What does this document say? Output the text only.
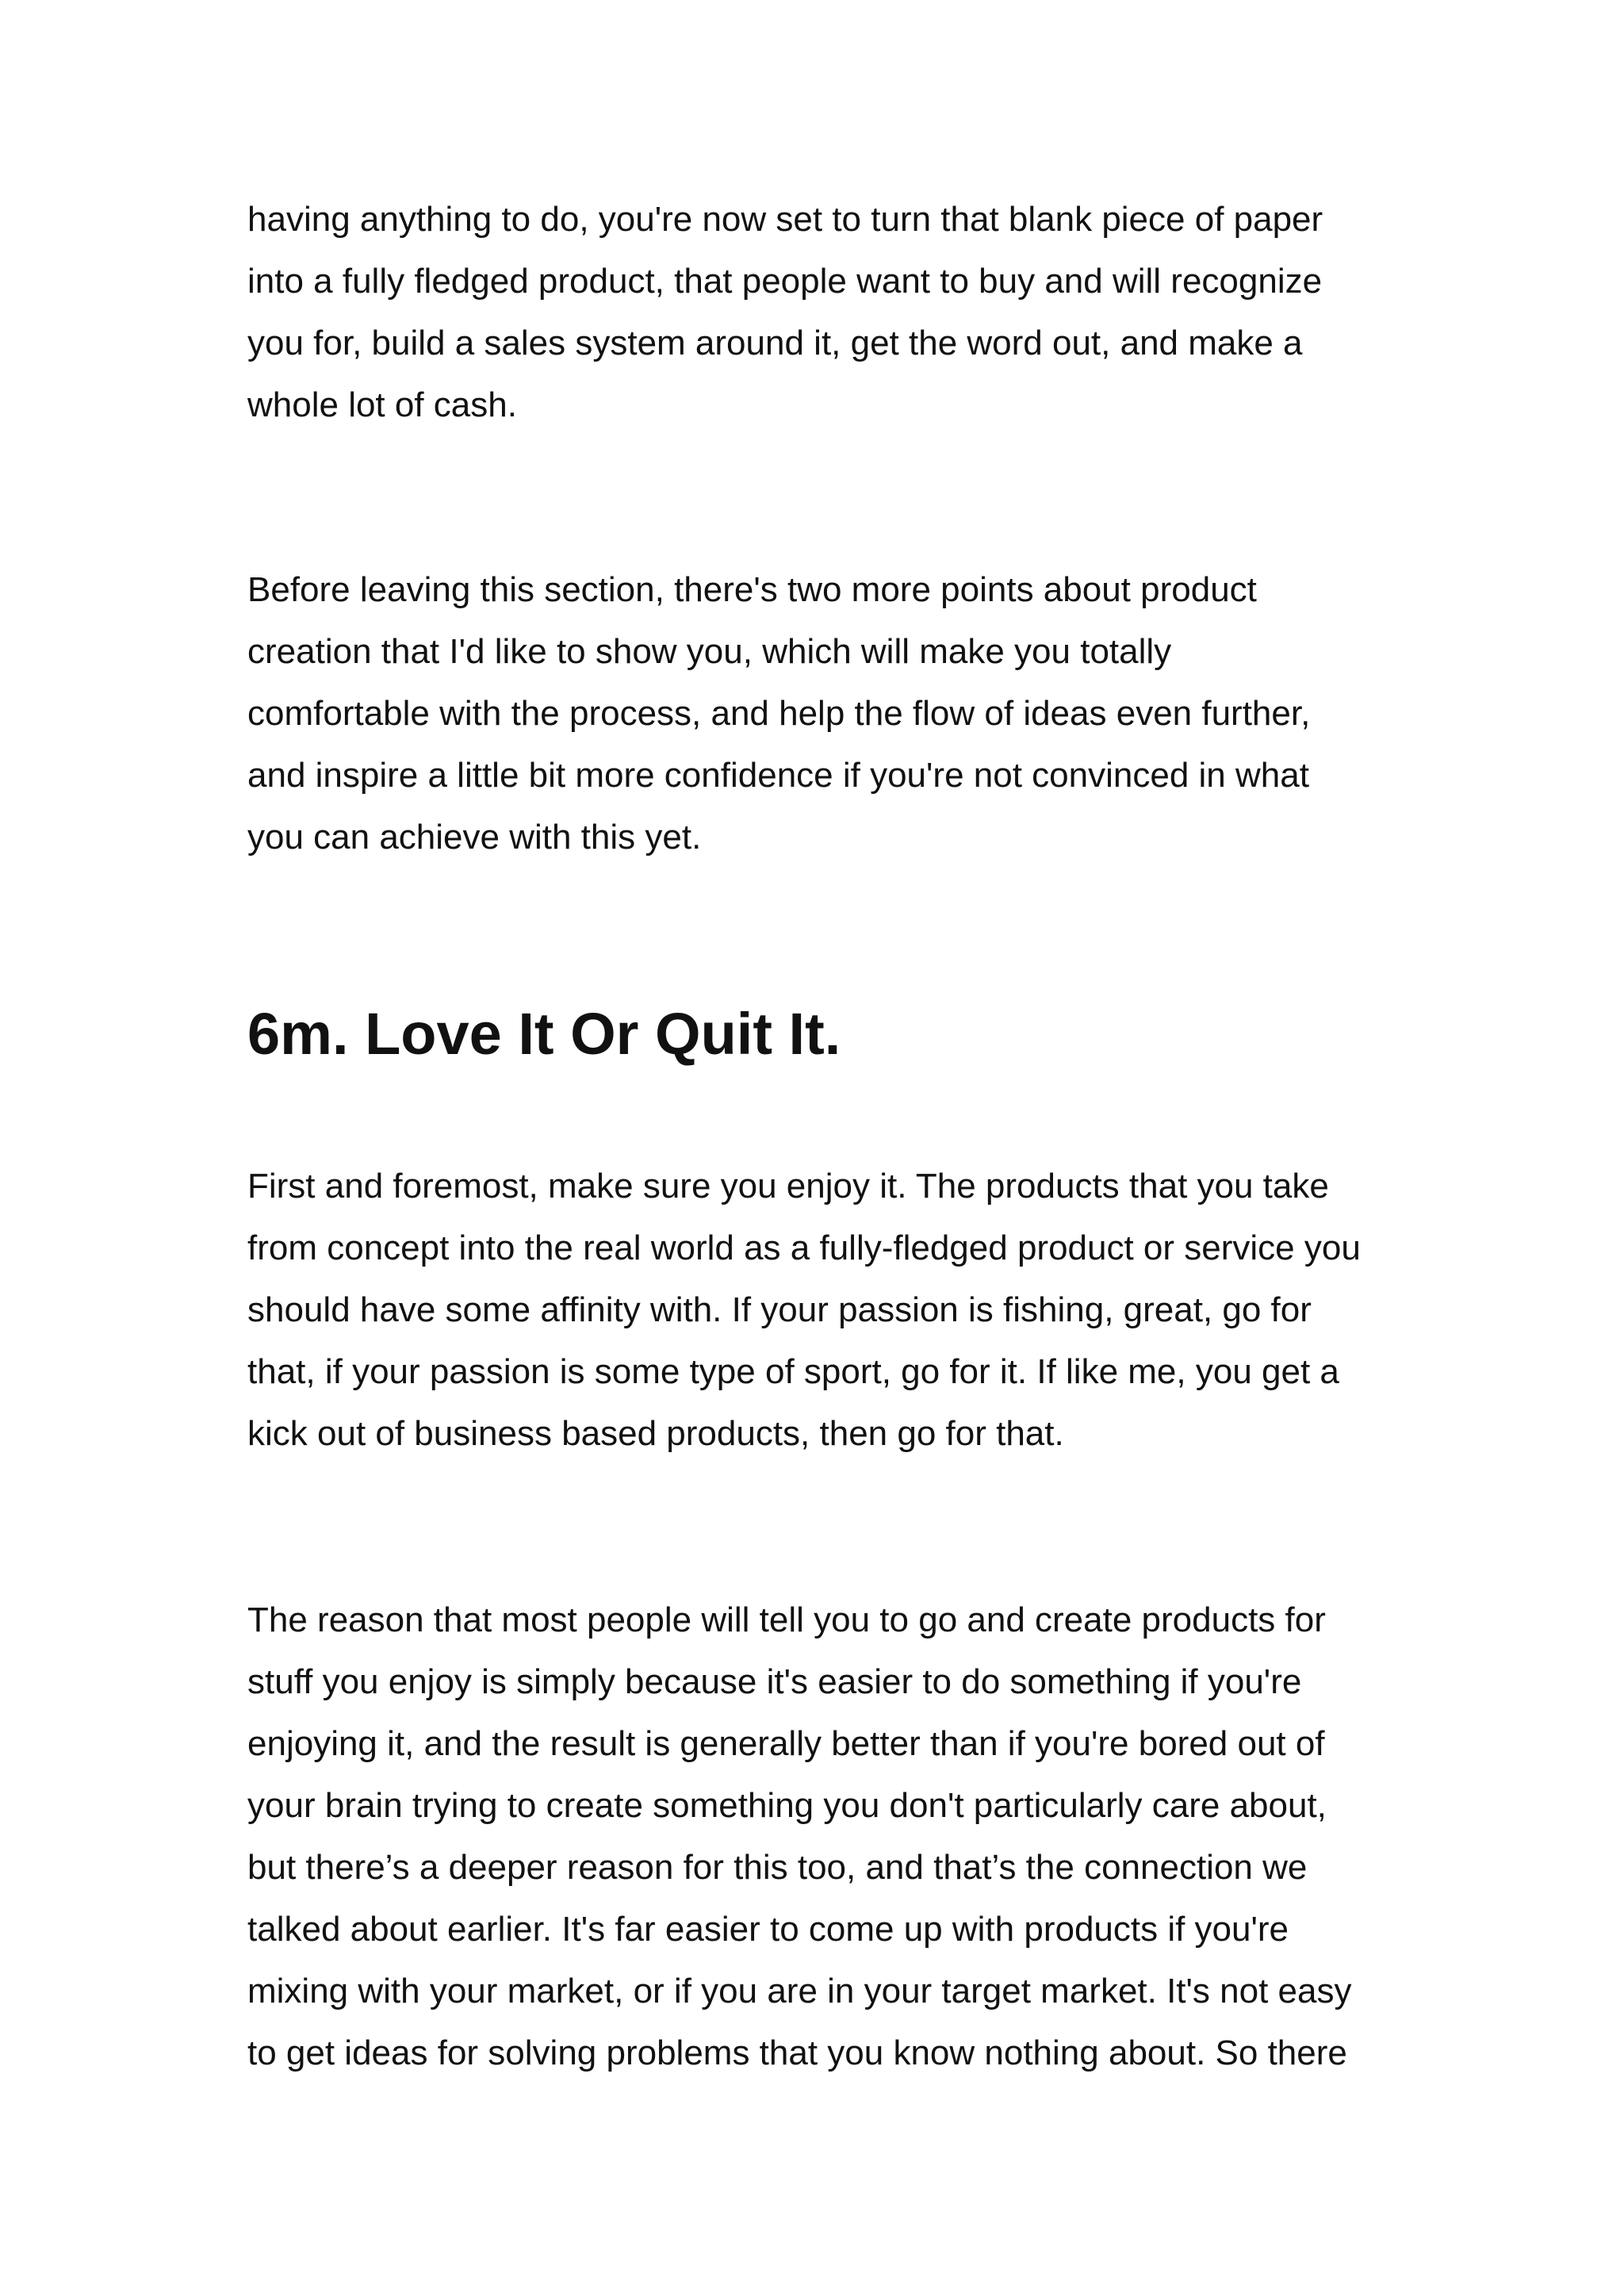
having anything to do, you're now set to turn that blank piece of paper

into a fully fledged product, that people want to buy and will recognize

you for, build a sales system around it, get the word out, and make a

whole lot of cash.

Before leaving this section, there's two more points about product

creation that I'd like to show you, which will make you totally

comfortable with the process, and help the flow of ideas even further,

and inspire a little bit more confidence if you're not convinced in what

you can achieve with this yet.

6m. Love It Or Quit It.

First and foremost, make sure you enjoy it. The products that you take

from concept into the real world as a fully-fledged product or service you

should have some affinity with. If your passion is fishing, great, go for

that, if your passion is some type of sport, go for it. If like me, you get a

kick out of business based products, then go for that.

The reason that most people will tell you to go and create products for

stuff you enjoy is simply because it's easier to do something if you're

enjoying it, and the result is generally better than if you're bored out of

your brain trying to create something you don't particularly care about,

but there’s a deeper reason for this too, and that’s the connection we

talked about earlier. It's far easier to come up with products if you're

mixing with your market, or if you are in your target market. It's not easy

to get ideas for solving problems that you know nothing about. So there
